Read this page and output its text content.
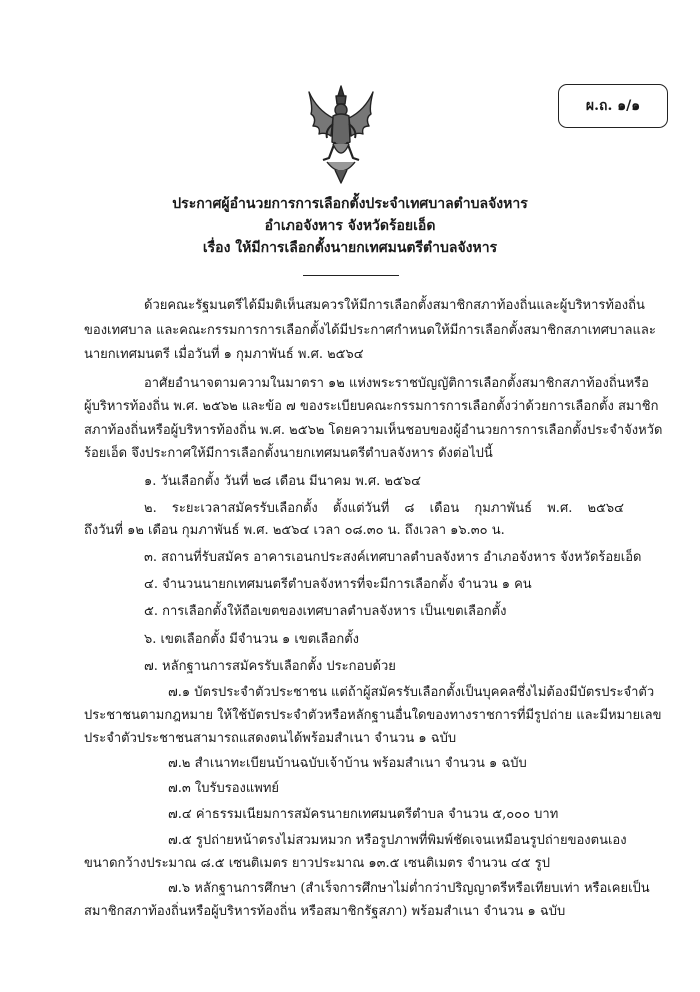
ผ.ถ. ๑/๑
ประกาศผู้อำนวยการการเลือกตั้งประจำเทศบาลตำบลจังหาร
อำเภอจังหาร จังหวัดร้อยเอ็ด
เรื่อง ให้มีการเลือกตั้งนายกเทศมนตรีตำบลจังหาร
ด้วยคณะรัฐมนตรีได้มีมติเห็นสมควรให้มีการเลือกตั้งสมาชิกสภาท้องถิ่นและผู้บริหารท้องถิ่น
ของเทศบาล และคณะกรรมการการเลือกตั้งได้มีประกาศกำหนดให้มีการเลือกตั้งสมาชิกสภาเทศบาลและ
นายกเทศมนตรี เมื่อวันที่ ๑ กุมภาพันธ์ พ.ศ. ๒๕๖๔
อาศัยอำนาจตามความในมาตรา ๑๒ แห่งพระราชบัญญัติการเลือกตั้งสมาชิกสภาท้องถิ่นหรือ
ผู้บริหารท้องถิ่น พ.ศ. ๒๕๖๒ และข้อ ๗ ของระเบียบคณะกรรมการการเลือกตั้งว่าด้วยการเลือกตั้ง สมาชิก
สภาท้องถิ่นหรือผู้บริหารท้องถิ่น พ.ศ. ๒๕๖๒ โดยความเห็นชอบของผู้อำนวยการการเลือกตั้งประจำจังหวัด
ร้อยเอ็ด จึงประกาศให้มีการเลือกตั้งนายกเทศมนตรีตำบลจังหาร ดังต่อไปนี้
๑. วันเลือกตั้ง วันที่ ๒๘ เดือน มีนาคม พ.ศ. ๒๕๖๔
๒. ระยะเวลาสมัครรับเลือกตั้ง ตั้งแต่วันที่ ๘ เดือน กุมภาพันธ์ พ.ศ. ๒๕๖๔
ถึงวันที่ ๑๒ เดือน กุมภาพันธ์ พ.ศ. ๒๕๖๔ เวลา ๐๘.๓๐ น. ถึงเวลา ๑๖.๓๐ น.
๓. สถานที่รับสมัคร อาคารเอนกประสงค์เทศบาลตำบลจังหาร อำเภอจังหาร จังหวัดร้อยเอ็ด
๔. จำนวนนายกเทศมนตรีตำบลจังหารที่จะมีการเลือกตั้ง จำนวน ๑ คน
๕. การเลือกตั้งให้ถือเขตของเทศบาลตำบลจังหาร เป็นเขตเลือกตั้ง
๖. เขตเลือกตั้ง มีจำนวน ๑ เขตเลือกตั้ง
๗. หลักฐานการสมัครรับเลือกตั้ง ประกอบด้วย
๗.๑ บัตรประจำตัวประชาชน แต่ถ้าผู้สมัครรับเลือกตั้งเป็นบุคคลซึ่งไม่ต้องมีบัตรประจำตัว
ประชาชนตามกฎหมาย ให้ใช้บัตรประจำตัวหรือหลักฐานอื่นใดของทางราชการที่มีรูปถ่าย และมีหมายเลข
ประจำตัวประชาชนสามารถแสดงตนได้พร้อมสำเนา จำนวน ๑ ฉบับ
๗.๒ สำเนาทะเบียนบ้านฉบับเจ้าบ้าน พร้อมสำเนา จำนวน ๑ ฉบับ
๗.๓ ใบรับรองแพทย์
๗.๔ ค่าธรรมเนียมการสมัครนายกเทศมนตรีตำบล จำนวน ๕,๐๐๐ บาท
๗.๕ รูปถ่ายหน้าตรงไม่สวมหมวก หรือรูปภาพที่พิมพ์ชัดเจนเหมือนรูปถ่ายของตนเอง
ขนาดกว้างประมาณ ๘.๕ เซนติเมตร ยาวประมาณ ๑๓.๕ เซนติเมตร จำนวน ๔๕ รูป
๗.๖ หลักฐานการศึกษา (สำเร็จการศึกษาไม่ต่ำกว่าปริญญาตรีหรือเทียบเท่า หรือเคยเป็น
สมาชิกสภาท้องถิ่นหรือผู้บริหารท้องถิ่น หรือสมาชิกรัฐสภา) พร้อมสำเนา จำนวน ๑ ฉบับ
